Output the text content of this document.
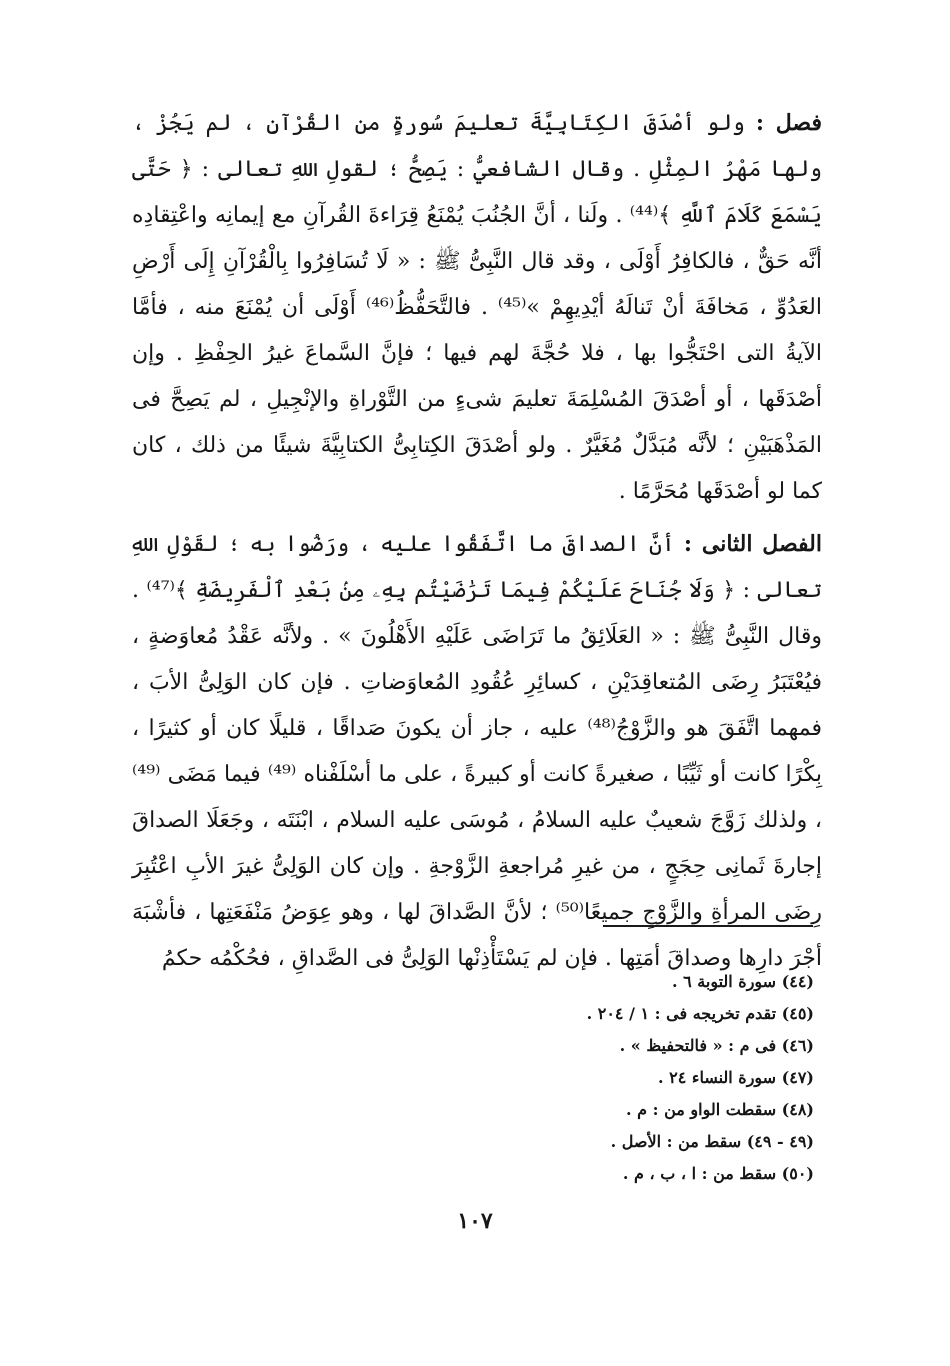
فصل : ولو أصْدَقَ الكِتَابِيَّةَ تعليمَ سُورةٍ من القُرْآنِ ، لم يَجُزْ ، ولها مَهْرُ المِثْلِ . وقال الشافعيُّ : يَصِحُّ ؛ لقولِ اللهِ تعالى : ﴿ حَتَّى يَسْمَعَ كَلَامَ ٱللَّهِ ﴾⁽⁴⁴⁾ . ولَنا ، أنَّ الجُنُبَ يُمْنَعُ قِرَاءةَ القُرآنِ مع إيمانِه واعْتِقادِه أنَّه حَقٌّ ، فالكافِرُ أَوْلَى ، وقد قال النَّبِىُّ ﷺ : « لَا تُسَافِرُوا بِالْقُرْآنِ إِلَى أَرْضِ العَدُوِّ ، مَخافَةَ أنْ تَنالَهُ أيْدِيهِمْ »⁽⁴⁵⁾ . فالتَّحَفُّظُ⁽⁴⁶⁾ أَوْلَى أن يُمْنَعَ منه ، فأمَّا الآيةُ التى احْتَجُّوا بها ، فلا حُجَّةَ لهم فيها ؛ فإنَّ السَّماعَ غيرُ الحِفْظِ . وإن أصْدَقَها ، أو أصْدَقَ المُسْلِمَةَ تعليمَ شىءٍ من التَّوْراةِ والإنْجِيلِ ، لم يَصِحَّ فى المَذْهَبَيْنِ ؛ لأنَّه مُبَدَّلٌ مُغَيَّرٌ . ولو أصْدَقَ الكِتابِىُّ الكتابِيَّةَ شيئًا من ذلك ، كان كما لو أصْدَقَها مُحَرَّمًا .

الفصل الثانى : أنَّ الصداقَ ما اتَّفَقُوا عليه ، ورَضُوا به ؛ لقَوْلِ اللهِ تعالى : ﴿ وَلَا جُنَاحَ عَلَيْكُمْ فِيمَا تَرَٰضَيْتُم بِهِۦ مِنۢ بَعْدِ ٱلْفَرِيضَةِ ﴾⁽⁴⁷⁾ . وقال النَّبِىُّ ﷺ : « العَلَائِقُ ما تَرَاضَى عَلَيْهِ الأَهْلُونَ » . ولأنَّه عَقْدُ مُعاوَضةٍ ، فيُعْتَبَرُ رِضَى المُتعاقِدَيْنِ ، كسائِرِ عُقُودِ المُعاوَضاتِ . فإن كان الوَلِىُّ الأبَ ، فمهما اتَّفَقَ هو والزَّوْجُ⁽⁴⁸⁾ عليه ، جاز أن يكونَ صَداقًا ، قليلًا كان أو كثيرًا ، بِكْرًا كانت أو ثَيِّبًا ، صغيرةً كانت أو كبيرةً ، على ما أسْلَفْناه ⁽⁴⁹⁾ فيما مَضَى ⁽⁴⁹⁾ ، ولذلك زَوَّجَ شعيبٌ عليه السلامُ ، مُوسَى عليه السلام ، ابْنَتَه ، وجَعَلَا الصداقَ إجارةَ ثَمانِى حِجَجٍ ، من غيرِ مُراجعةِ الزَّوْجةِ . وإن كان الوَلِىُّ غيرَ الأبِ اعْتُبِرَ رِضَى المرأةِ والزَّوْجِ جميعًا⁽⁵⁰⁾ ؛ لأنَّ الصَّداقَ لها ، وهو عِوَضُ مَنْفَعَتِها ، فأشْبَهَ أجْرَ دارِها وصداقَ أمَتِها . فإن لم يَسْتَأْذِنْها الوَلِىُّ فى الصَّداقِ ، فحُكْمُه حكمُ

(٤٤) سورة التوبة ٦ .
(٤٥) تقدم تخريجه فى : ١ / ٢٠٤ .
(٤٦) فى م : « فالتحفيظ » .
(٤٧) سورة النساء ٢٤ .
(٤٨) سقطت الواو من : م .
(٤٩ - ٤٩) سقط من : الأصل .
(٥٠) سقط من : ا ، ب ، م .
١٠٧
